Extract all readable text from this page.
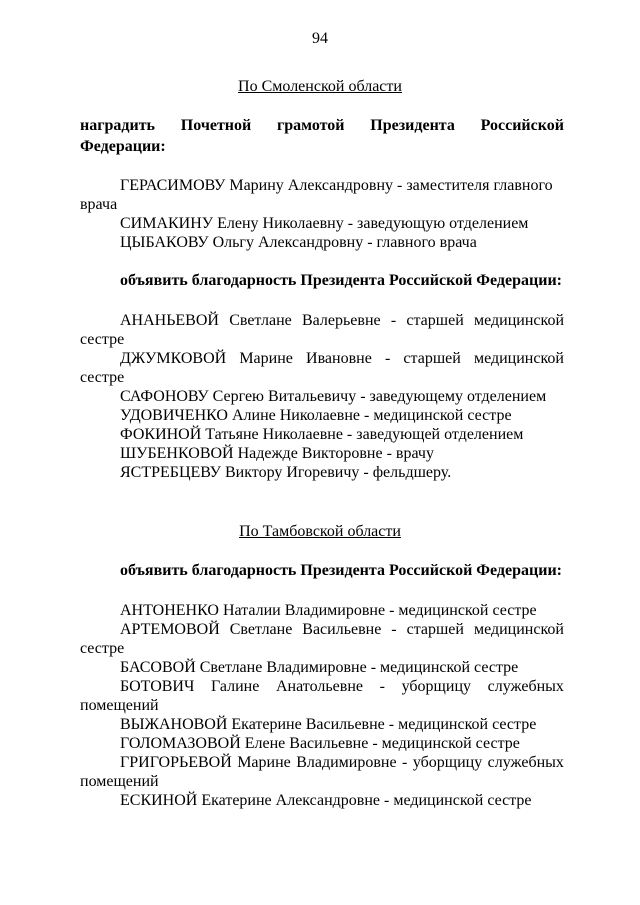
94
По Смоленской области
наградить Почетной грамотой Президента Российской
Федерации:
ГЕРАСИМОВУ Марину Александровну - заместителя главного
врача
СИМАКИНУ Елену Николаевну - заведующую отделением
ЦЫБАКОВУ Ольгу Александровну - главного врача
объявить благодарность Президента Российской Федерации:
АНАНЬЕВОЙ Светлане Валерьевне - старшей медицинской
сестре
ДЖУМКОВОЙ Марине Ивановне - старшей медицинской
сестре
САФОНОВУ Сергею Витальевичу - заведующему отделением
УДОВИЧЕНКО Алине Николаевне - медицинской сестре
ФОКИНОЙ Татьяне Николаевне - заведующей отделением
ШУБЕНКОВОЙ Надежде Викторовне - врачу
ЯСТРЕБЦЕВУ Виктору Игоревичу - фельдшеру.
По Тамбовской области
объявить благодарность Президента Российской Федерации:
АНТОНЕНКО Наталии Владимировне - медицинской сестре
АРТЕМОВОЙ Светлане Васильевне - старшей медицинской
сестре
БАСОВОЙ Светлане Владимировне - медицинской сестре
БОТОВИЧ Галине Анатольевне - уборщицу служебных
помещений
ВЫЖАНОВОЙ Екатерине Васильевне - медицинской сестре
ГОЛОМАЗОВОЙ Елене Васильевне - медицинской сестре
ГРИГОРЬЕВОЙ Марине Владимировне - уборщицу служебных
помещений
ЕСКИНОЙ Екатерине Александровне - медицинской сестре
